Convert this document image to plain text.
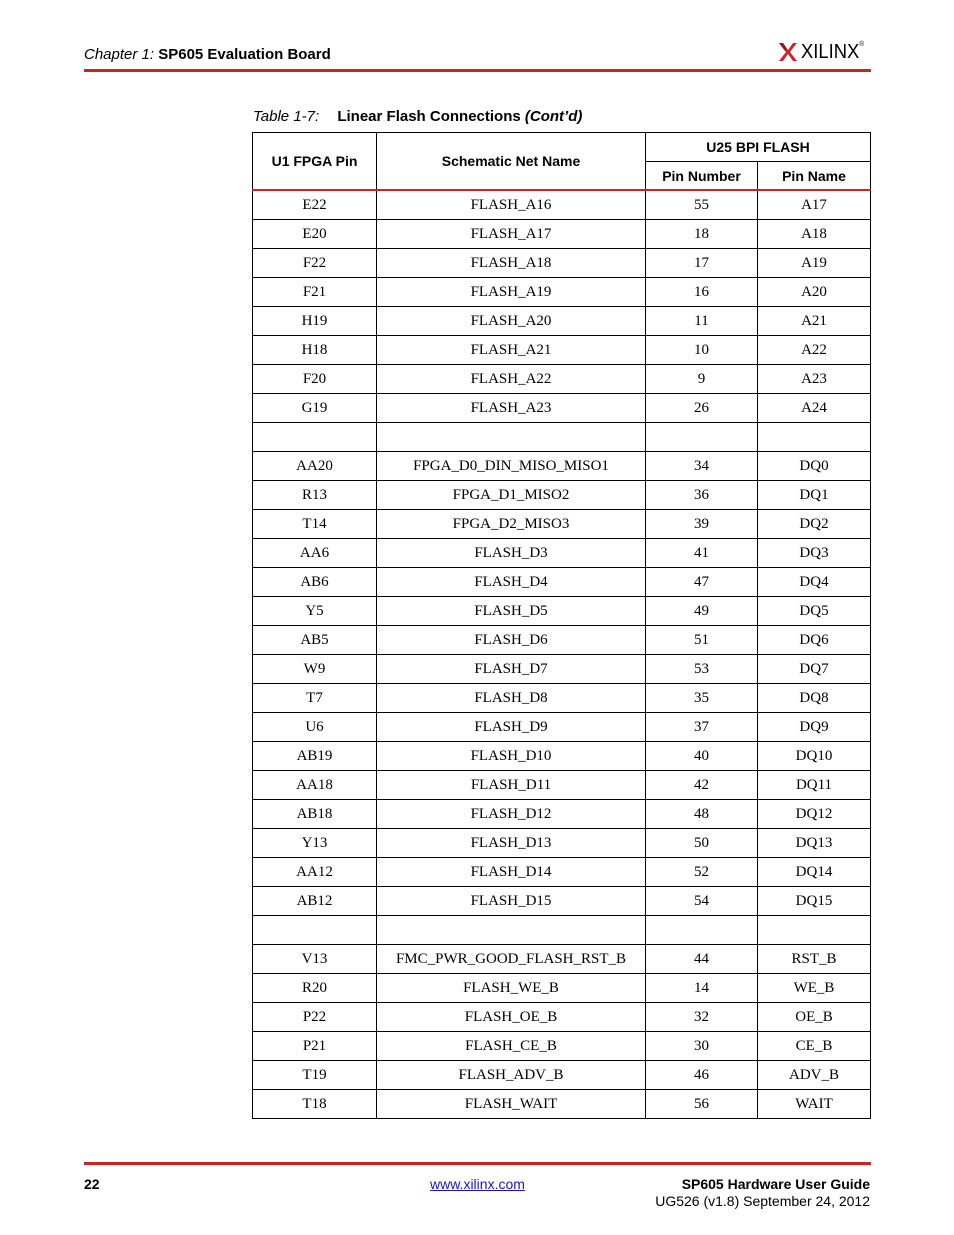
Chapter 1: SP605 Evaluation Board	XILINX®
Table 1-7: Linear Flash Connections (Cont’d)
U1 FPGA Pin	Schematic Net Name	U25 BPI FLASH	
		Pin Number	Pin Name
E22	FLASH_A16	55	A17
E20	FLASH_A17	18	A18
F22	FLASH_A18	17	A19
F21	FLASH_A19	16	A20
H19	FLASH_A20	11	A21
H18	FLASH_A21	10	A22
F20	FLASH_A22	9	A23
G19	FLASH_A23	26	A24

AA20	FPGA_D0_DIN_MISO_MISO1	34	DQ0
R13	FPGA_D1_MISO2	36	DQ1
T14	FPGA_D2_MISO3	39	DQ2
AA6	FLASH_D3	41	DQ3
AB6	FLASH_D4	47	DQ4
Y5	FLASH_D5	49	DQ5
AB5	FLASH_D6	51	DQ6
W9	FLASH_D7	53	DQ7
T7	FLASH_D8	35	DQ8
U6	FLASH_D9	37	DQ9
AB19	FLASH_D10	40	DQ10
AA18	FLASH_D11	42	DQ11
AB18	FLASH_D12	48	DQ12
Y13	FLASH_D13	50	DQ13
AA12	FLASH_D14	52	DQ14
AB12	FLASH_D15	54	DQ15

V13	FMC_PWR_GOOD_FLASH_RST_B	44	RST_B
R20	FLASH_WE_B	14	WE_B
P22	FLASH_OE_B	32	OE_B
P21	FLASH_CE_B	30	CE_B
T19	FLASH_ADV_B	46	ADV_B
T18	FLASH_WAIT	56	WAIT
22	www.xilinx.com	SP605 Hardware User Guide
UG526 (v1.8) September 24, 2012
